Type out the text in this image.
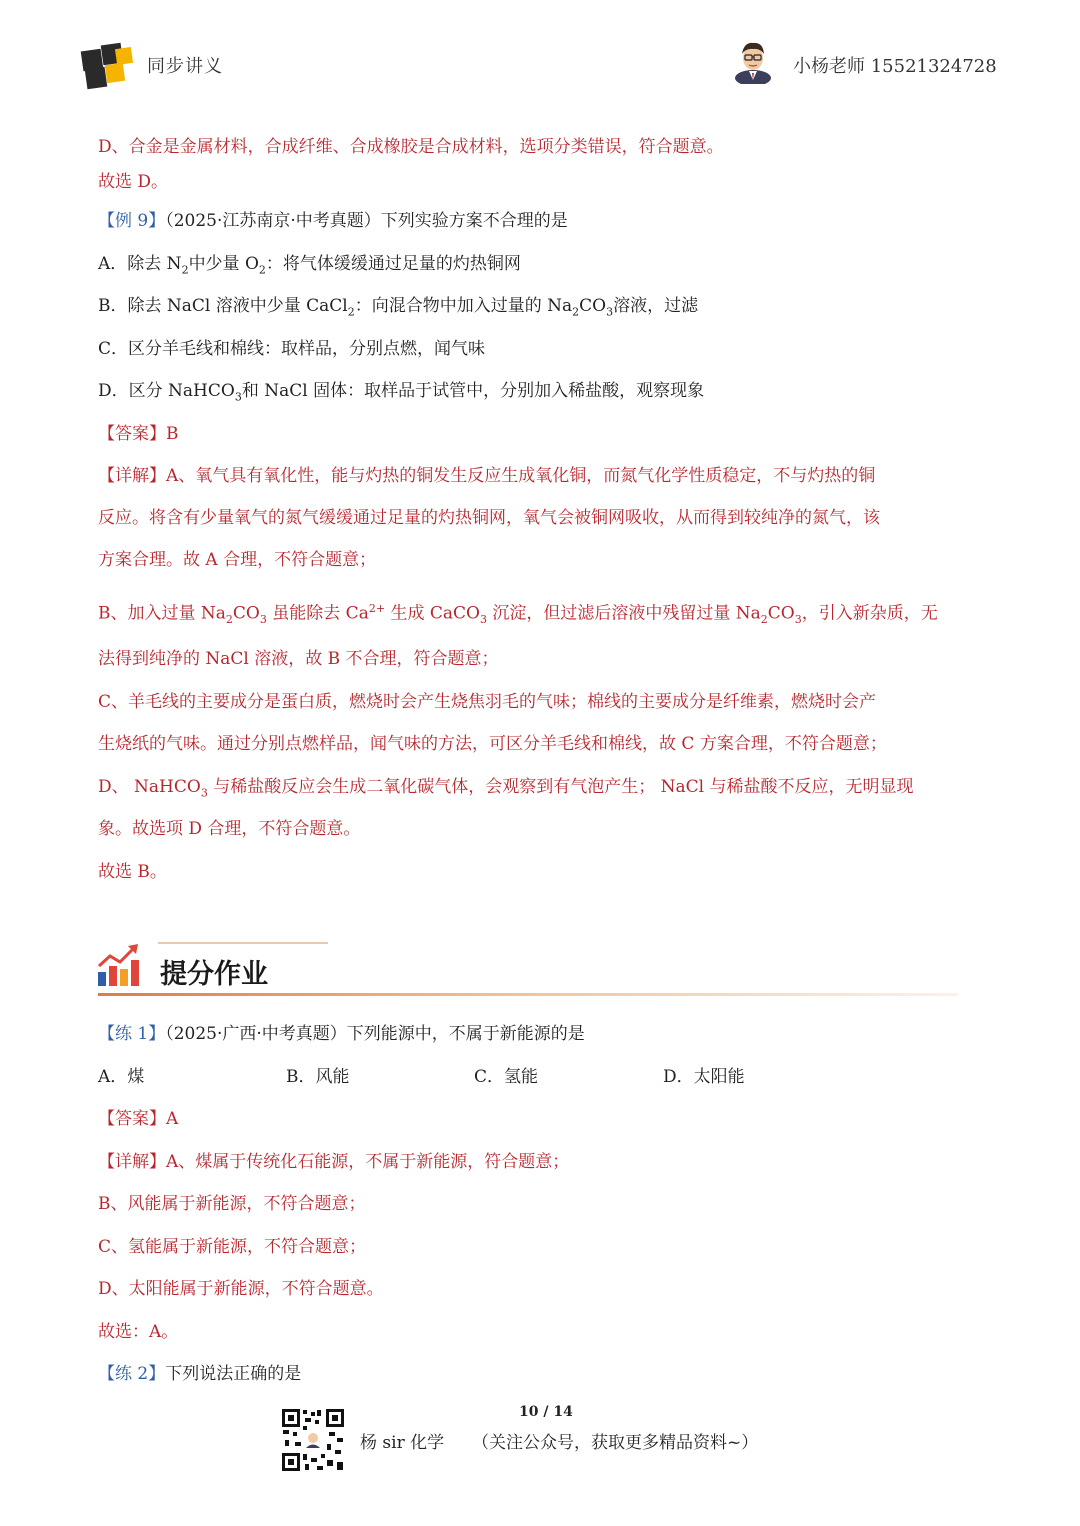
同步讲义	小杨老师 15521324728
D、合金是金属材料，合成纤维、合成橡胶是合成材料，选项分类错误，符合题意。
故选 D。
【例 9】（2025·江苏南京·中考真题）下列实验方案不合理的是
A．除去 $N_2$中少量 $O_2$：将气体缓缓通过足量的灼热铜网
B．除去 NaCl 溶液中少量 CaCl$_2$：向混合物中加入过量的 $Na_2CO_3$溶液，过滤
C．区分羊毛线和棉线：取样品，分别点燃，闻气味
D．区分 NaHCO$_3$和 NaCl 固体：取样品于试管中，分别加入稀盐酸，观察现象
【答案】B
【详解】A、氧气具有氧化性，能与灼热的铜发生反应生成氧化铜，而氮气化学性质稳定，不与灼热的铜
反应。将含有少量氧气的氮气缓缓通过足量的灼热铜网，氧气会被铜网吸收，从而得到较纯净的氮气，该
方案合理。故 A 合理，不符合题意；
B、加入过量 $Na_2CO_3$ 虽能除去 $Ca^{2+}$ 生成 CaCO$_3$ 沉淀，但过滤后溶液中残留过量 $Na_2CO_3$，引入新杂质，无
法得到纯净的 NaCl 溶液，故 B 不合理，符合题意；
C、羊毛线的主要成分是蛋白质，燃烧时会产生烧焦羽毛的气味；棉线的主要成分是纤维素，燃烧时会产
生烧纸的气味。通过分别点燃样品，闻气味的方法，可区分羊毛线和棉线，故 C 方案合理，不符合题意；
D、 NaHCO$_3$ 与稀盐酸反应会生成二氧化碳气体，会观察到有气泡产生； NaCl 与稀盐酸不反应，无明显现
象。故选项 D 合理，不符合题意。
故选 B。
提分作业
【练 1】（2025·广西·中考真题）下列能源中，不属于新能源的是
A．煤	B．风能	C．氢能	D．太阳能
【答案】A
【详解】A、煤属于传统化石能源，不属于新能源，符合题意；
B、风能属于新能源，不符合题意；
C、氢能属于新能源，不符合题意；
D、太阳能属于新能源，不符合题意。
故选：A。
【练 2】下列说法正确的是
10 / 14
杨 sir 化学 （关注公众号，获取更多精品资料~）
